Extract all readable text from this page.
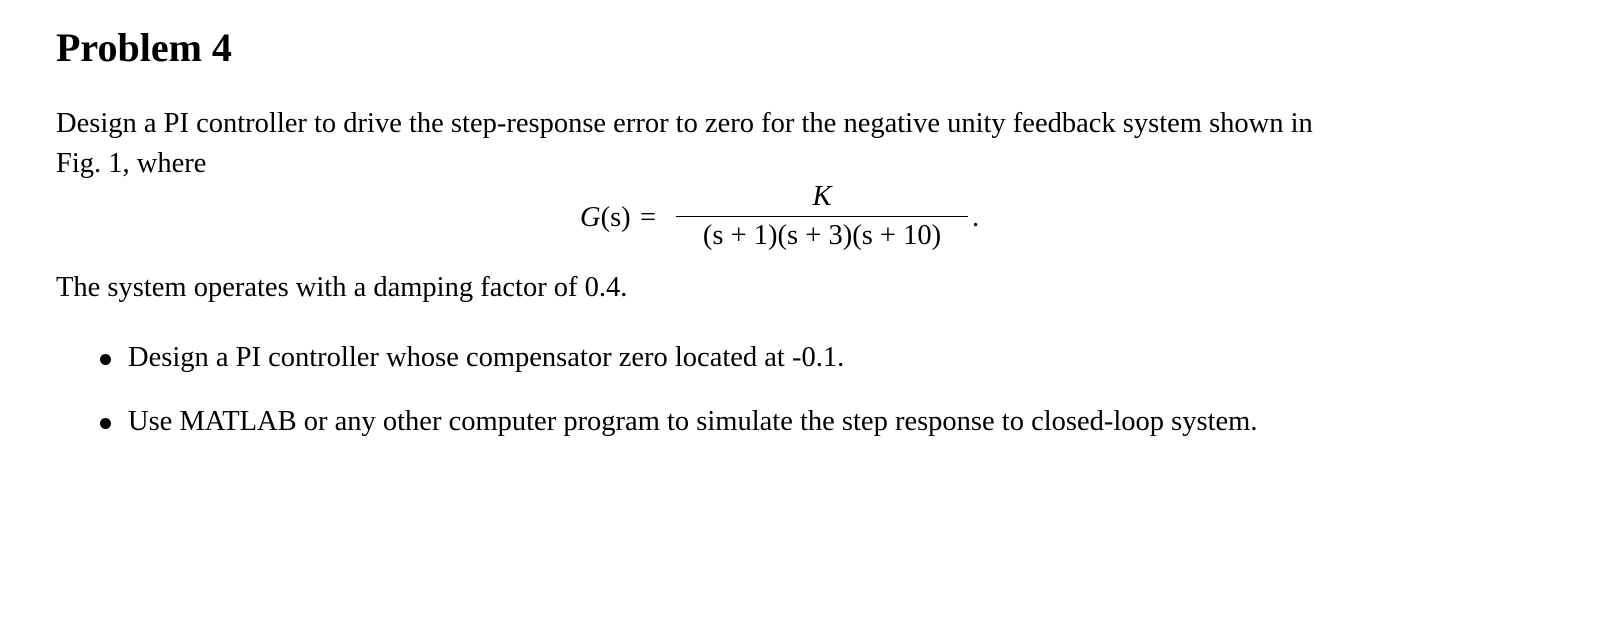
Problem 4

Design a PI controller to drive the step-response error to zero for the negative unity feedback system shown in

Fig. 1, where

G(s) =
K
(s + 1)(s + 3)(s + 10)
.

The system operates with a damping factor of 0.4.

Design a PI controller whose compensator zero located at -0.1.
Use MATLAB or any other computer program to simulate the step response to closed-loop system.
